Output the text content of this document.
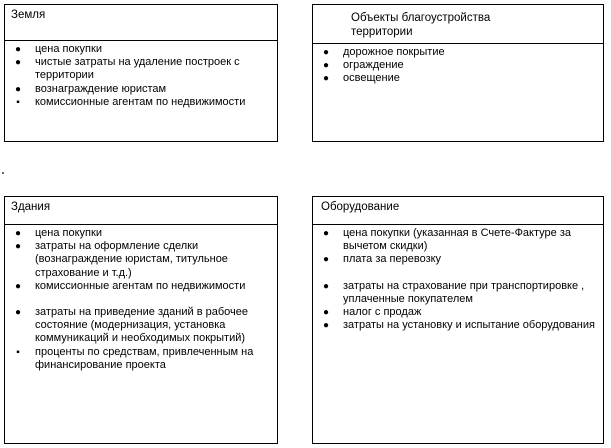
Земля
● цена покупки
● чистые затраты на удаление построек с территории
● вознаграждение юристам
▪	комиссионные агентам по недвижимости
Объекты благоустройства территории
● дорожное покрытие
● ограждение
● освещение
Здания
● цена покупки
● затраты на оформление сделки (вознаграждение юристам, титульное страхование и т.д.)
● комиссионные агентам по недвижимости
● затраты на приведение зданий в рабочее состояние (модернизация, установка коммуникаций и необходимых покрытий)
▪	проценты по средствам, привлеченным на финансирование проекта
Оборудование
● цена покупки (указанная в Счете-Фактуре за вычетом скидки)
● плата за перевозку
● затраты на страхование при транспортировке , уплаченные покупателем
● налог с продаж
● затраты на установку и испытание оборудования
